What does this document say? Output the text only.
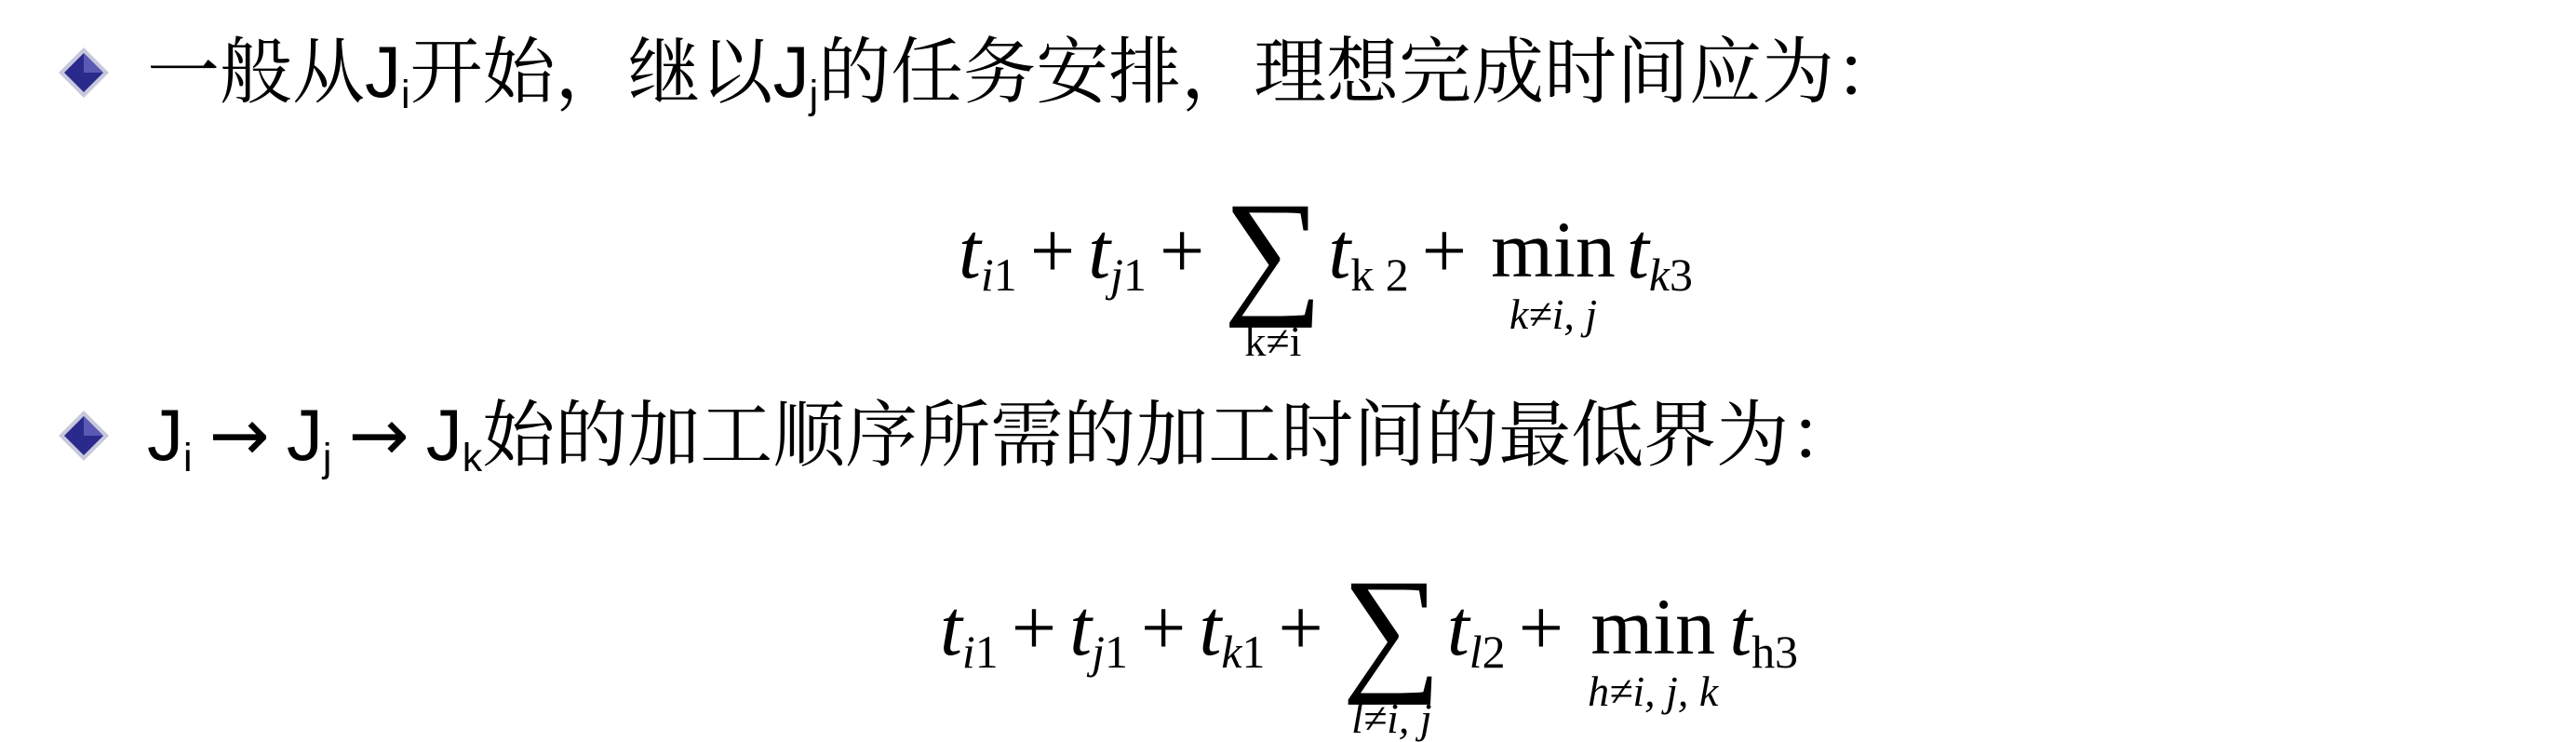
一般从 J i 开始，继以 J j 的任务安排，理想完成时间应为：
t i1 + t j1 + ∑
k≠i
t k 2 + min
k≠i, j
t k3
J i → J j → J k 始的加工顺序所需的加工时间的最低界为：
t i1 + t j1 + t k1 + ∑
l≠i, j
t l2 + min
h≠i, j, k
t h3
